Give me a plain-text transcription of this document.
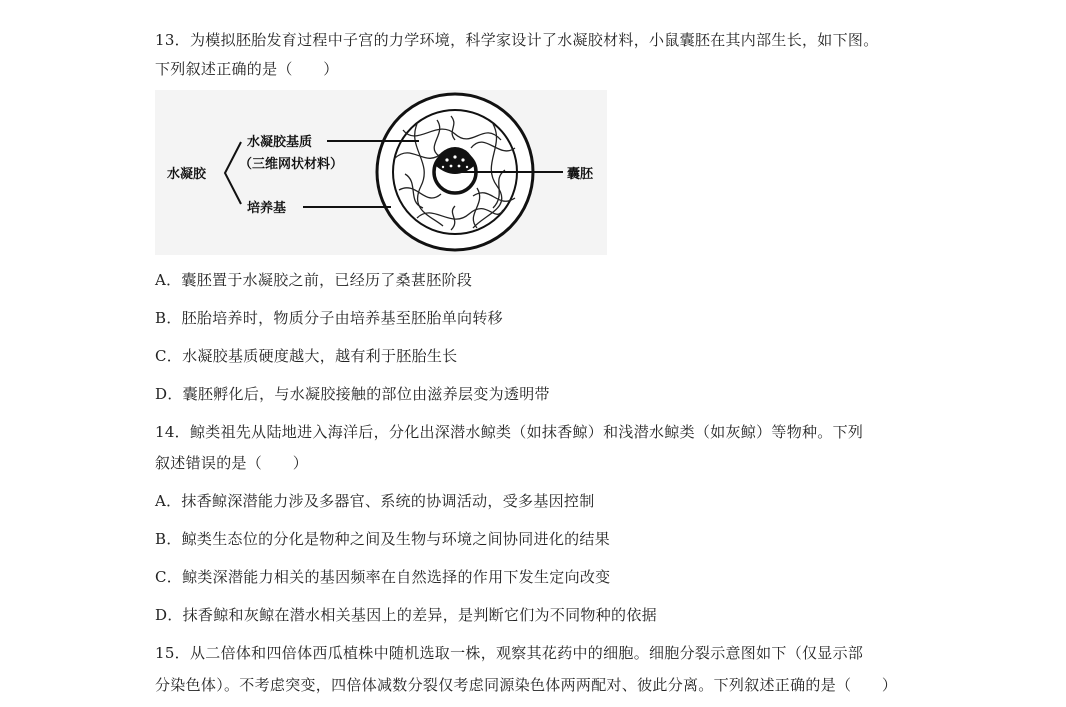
13．为模拟胚胎发育过程中子宫的力学环境，科学家设计了水凝胶材料，小鼠囊胚在其内部生长，如下图。
下列叙述正确的是（　　）
水凝胶
水凝胶基质
（三维网状材料）
培养基
囊胚
A．囊胚置于水凝胶之前，已经历了桑葚胚阶段
B．胚胎培养时，物质分子由培养基至胚胎单向转移
C．水凝胶基质硬度越大，越有利于胚胎生长
D．囊胚孵化后，与水凝胶接触的部位由滋养层变为透明带
14．鲸类祖先从陆地进入海洋后，分化出深潜水鲸类（如抹香鲸）和浅潜水鲸类（如灰鲸）等物种。下列
叙述错误的是（　　）
A．抹香鲸深潜能力涉及多器官、系统的协调活动，受多基因控制
B．鲸类生态位的分化是物种之间及生物与环境之间协同进化的结果
C．鲸类深潜能力相关的基因频率在自然选择的作用下发生定向改变
D．抹香鲸和灰鲸在潜水相关基因上的差异，是判断它们为不同物种的依据
15．从二倍体和四倍体西瓜植株中随机选取一株，观察其花药中的细胞。细胞分裂示意图如下（仅显示部
分染色体）。不考虑突变，四倍体减数分裂仅考虑同源染色体两两配对、彼此分离。下列叙述正确的是（　　）
